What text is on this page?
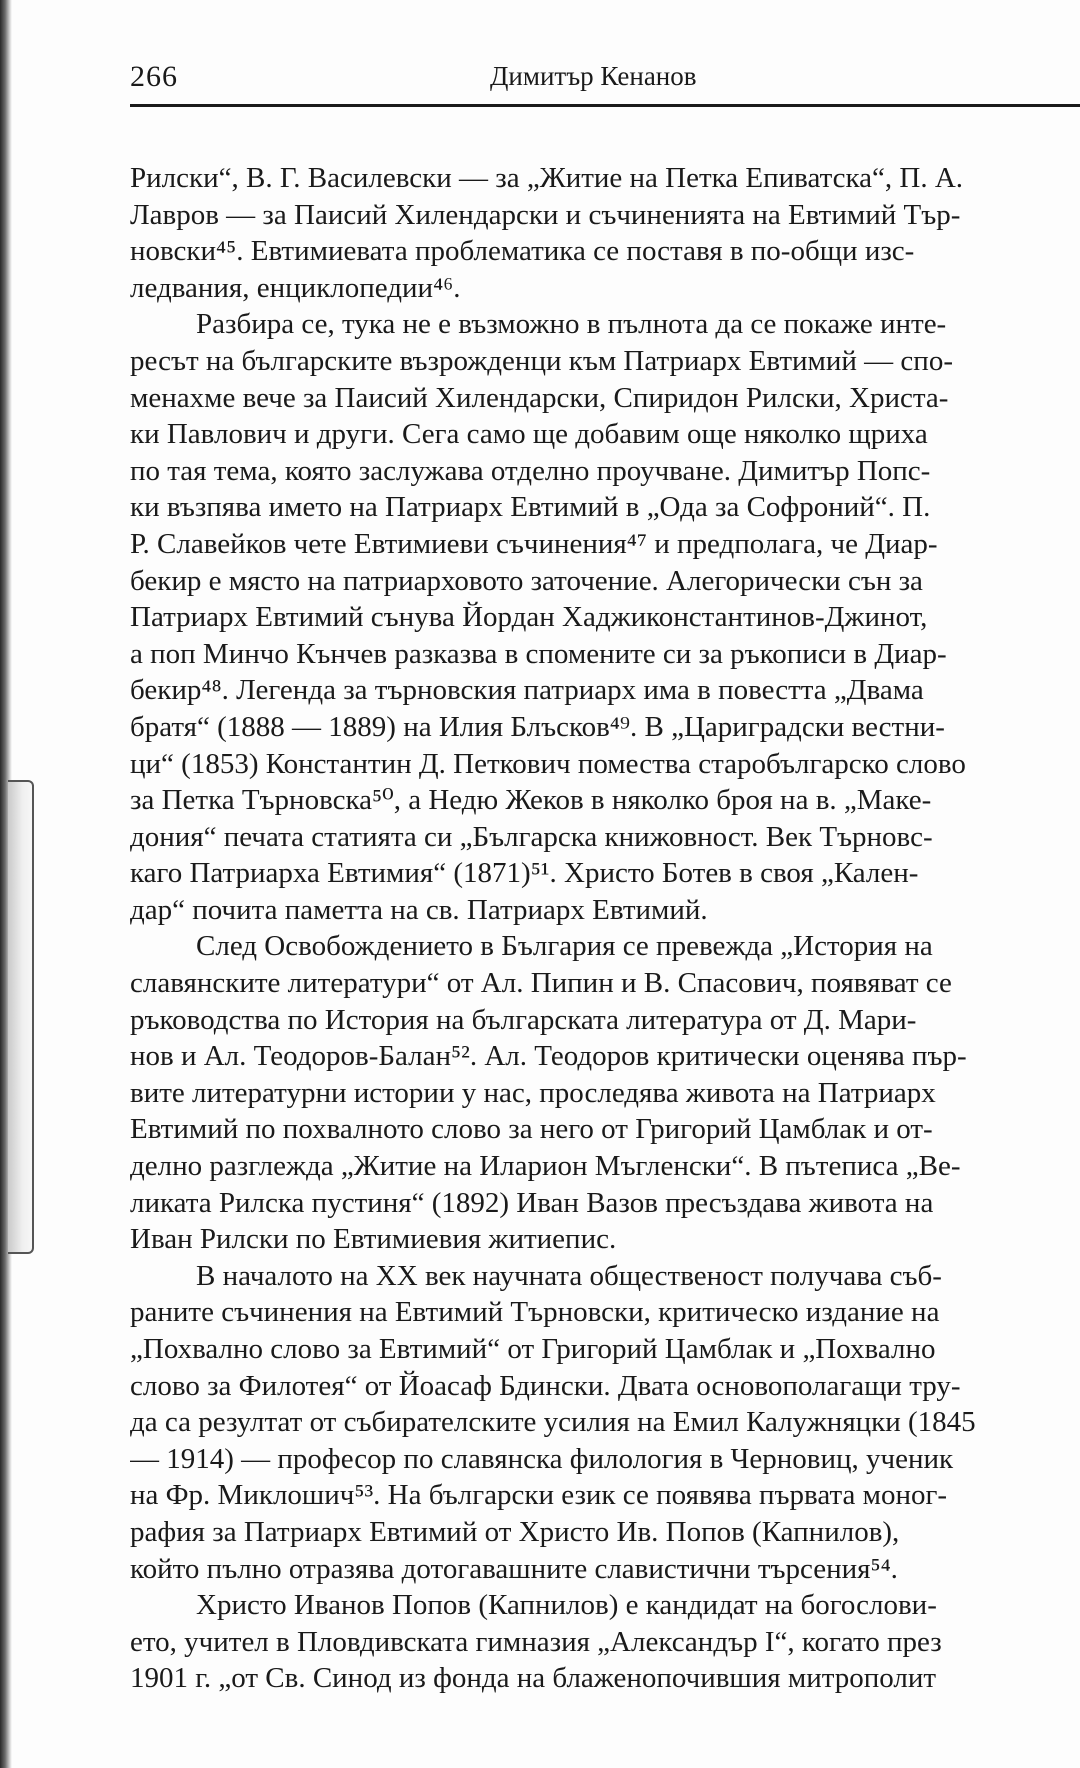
266	Димитър Кенанов
Рилски“, В. Г. Василевски — за „Житие на Петка Епиватска“, П. А.
Лавров — за Паисий Хилендарски и съчиненията на Евтимий Тър-
новски⁴⁵. Евтимиевата проблематика се поставя в по-общи изс-
ледвания, енциклопедии⁴⁶.
Разбира се, тука не е възможно в пълнота да се покаже инте-
ресът на българските възрожденци към Патриарх Евтимий — спо-
менахме вече за Паисий Хилендарски, Спиридон Рилски, Христа-
ки Павлович и други. Сега само ще добавим още няколко щриха
по тая тема, която заслужава отделно проучване. Димитър Попс-
ки възпява името на Патриарх Евтимий в „Ода за Софроний“. П.
Р. Славейков чете Евтимиеви съчинения⁴⁷ и предполага, че Диар-
бекир е място на патриарховото заточение. Алегорически сън за
Патриарх Евтимий сънува Йордан Хаджиконстантинов-Джинот,
а поп Минчо Кънчев разказва в спомените си за ръкописи в Диар-
бекир⁴⁸. Легенда за търновския патриарх има в повестта „Двама
братя“ (1888 — 1889) на Илия Блъсков⁴⁹. В „Цариградски вестни-
ци“ (1853) Константин Д. Петкович помества старобългарско слово
за Петка Търновска⁵⁰, а Недю Жеков в няколко броя на в. „Маке-
дония“ печата статията си „Българска книжовност. Век Търновс-
каго Патриарха Евтимия“ (1871)⁵¹. Христо Ботев в своя „Кален-
дар“ почита паметта на св. Патриарх Евтимий.
След Освобождението в България се превежда „История на
славянските литератури“ от Ал. Пипин и В. Спасович, появяват се
ръководства по История на българската литература от Д. Мари-
нов и Ал. Теодоров-Балан⁵². Ал. Теодоров критически оценява пър-
вите литературни истории у нас, проследява живота на Патриарх
Евтимий по похвалното слово за него от Григорий Цамблак и от-
делно разглежда „Житие на Иларион Мъгленски“. В пътеписа „Ве-
ликата Рилска пустиня“ (1892) Иван Вазов пресъздава живота на
Иван Рилски по Евтимиевия житиепис.
В началото на XX век научната общественост получава съб-
раните съчинения на Евтимий Търновски, критическо издание на
„Похвално слово за Евтимий“ от Григорий Цамблак и „Похвално
слово за Филотея“ от Йоасаф Бдински. Двата основополагащи тру-
да са резултат от събирателските усилия на Емил Калужняцки (1845
— 1914) — професор по славянска филология в Черновиц, ученик
на Фр. Миклошич⁵³. На български език се появява първата моног-
рафия за Патриарх Евтимий от Христо Ив. Попов (Капнилов),
който пълно отразява дотогавашните славистични търсения⁵⁴.
Христо Иванов Попов (Капнилов) е кандидат на богослови-
ето, учител в Пловдивската гимназия „Александър I“, когато през
1901 г. „от Св. Синод из фонда на блаженопочившия митрополит
